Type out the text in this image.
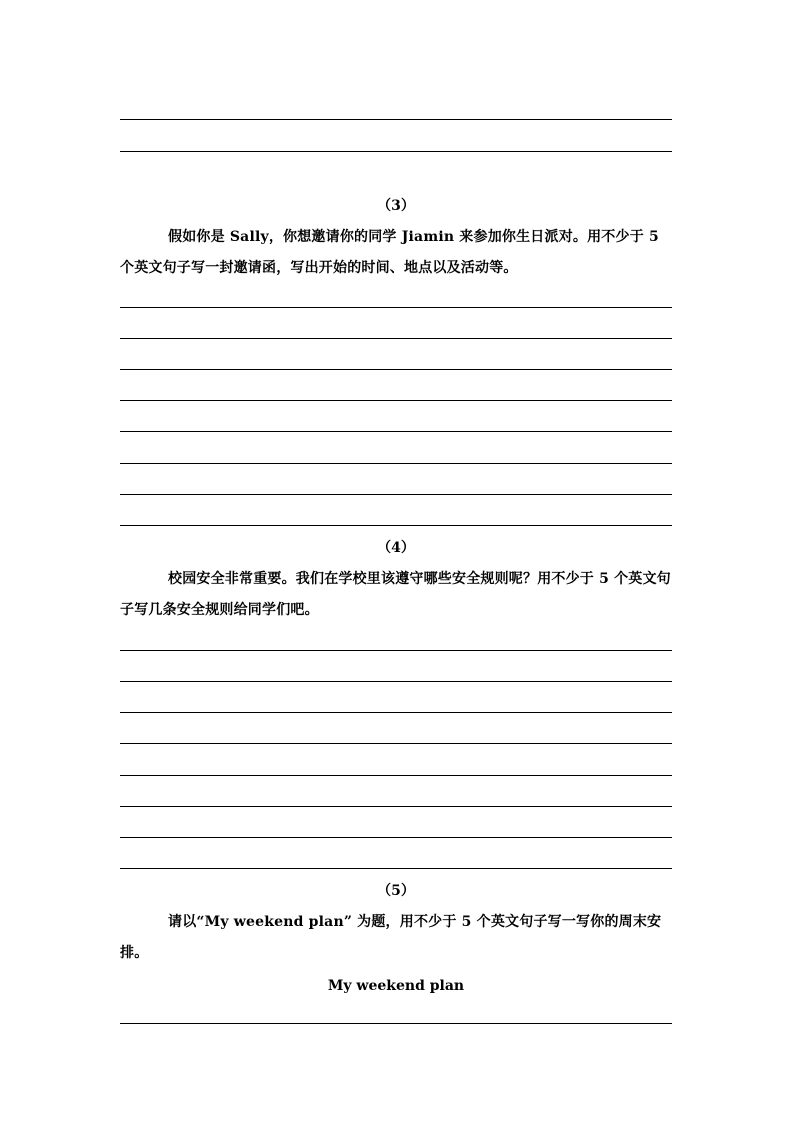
（3）

假如你是 Sally，你想邀请你的同学 Jiamin 来参加你生日派对。用不少于 5 个英文句子写一封邀请函，写出开始的时间、地点以及活动等。

（4）

校园安全非常重要。我们在学校里该遵守哪些安全规则呢？用不少于 5 个英文句子写几条安全规则给同学们吧。

（5）

请以“My weekend plan” 为题，用不少于 5 个英文句子写一写你的周末安排。

My weekend plan
